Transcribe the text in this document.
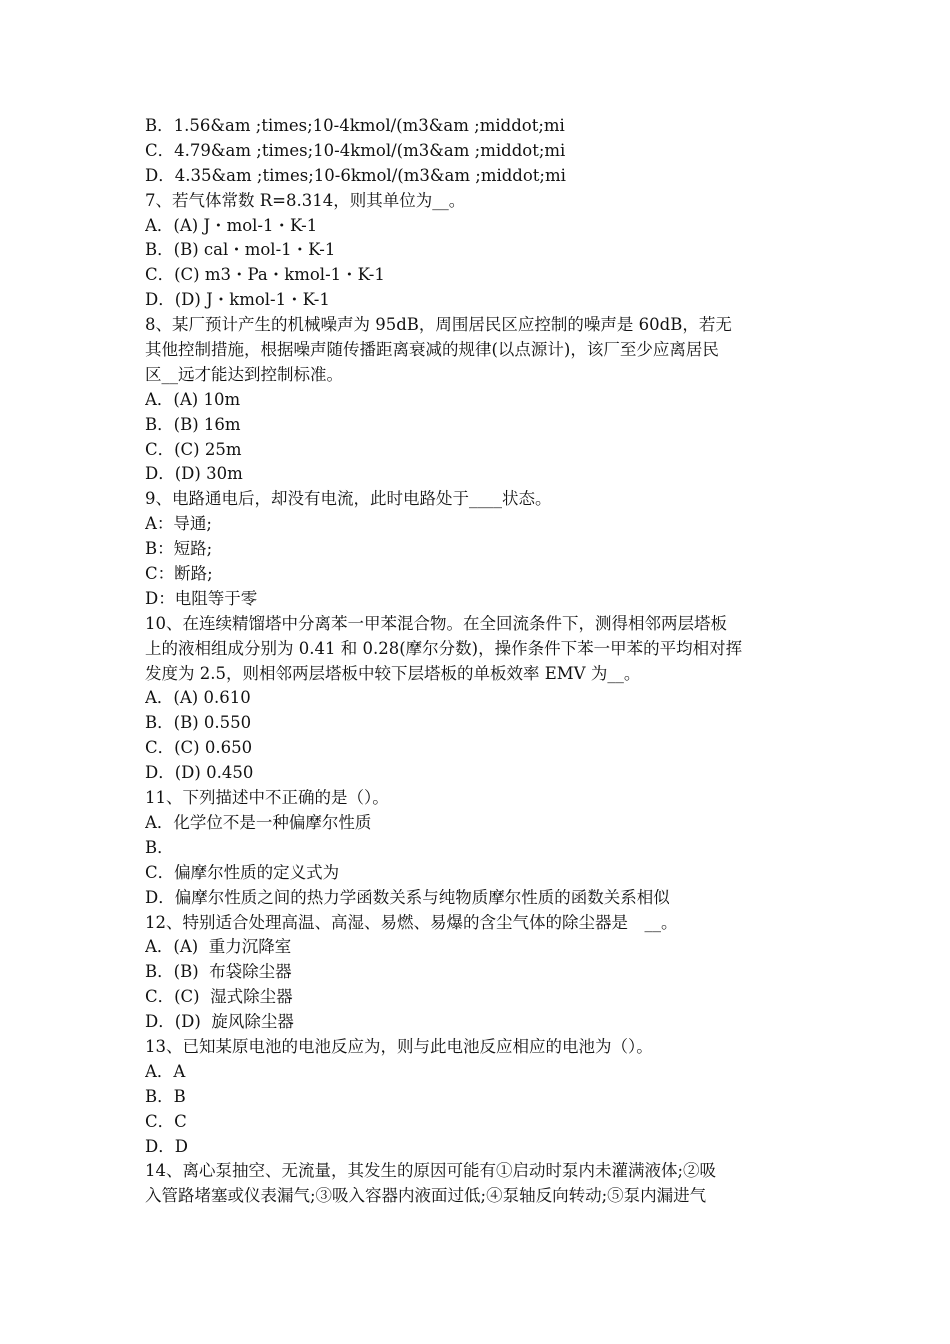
B．1.56&am ;times;10-4kmol/(m3&am ;middot;mi
C．4.79&am ;times;10-4kmol/(m3&am ;middot;mi
D．4.35&am ;times;10-6kmol/(m3&am ;middot;mi
7、若气体常数 R=8.314，则其单位为__。
A．(A) J・mol-1・K-1
B．(B) cal・mol-1・K-1
C．(C) m3・Pa・kmol-1・K-1
D．(D) J・kmol-1・K-1
8、某厂预计产生的机械噪声为 95dB，周围居民区应控制的噪声是 60dB，若无
其他控制措施，根据噪声随传播距离衰减的规律(以点源计)，该厂至少应离居民
区__远才能达到控制标准。
A．(A) 10m
B．(B) 16m
C．(C) 25m
D．(D) 30m
9、电路通电后，却没有电流，此时电路处于____状态。
A：导通;
B：短路;
C：断路;
D：电阻等于零
10、在连续精馏塔中分离苯一甲苯混合物。在全回流条件下，测得相邻两层塔板
上的液相组成分别为 0.41 和 0.28(摩尔分数)，操作条件下苯一甲苯的平均相对挥
发度为 2.5，则相邻两层塔板中较下层塔板的单板效率 EMV 为__。
A．(A) 0.610
B．(B) 0.550
C．(C) 0.650
D．(D) 0.450
11、下列描述中不正确的是（）。
A．化学位不是一种偏摩尔性质
B．
C．偏摩尔性质的定义式为
D．偏摩尔性质之间的热力学函数关系与纯物质摩尔性质的函数关系相似
12、特别适合处理高温、高湿、易燃、易爆的含尘气体的除尘器是　__。
A．(A)  重力沉降室
B．(B)  布袋除尘器
C．(C)  湿式除尘器
D．(D)  旋风除尘器
13、已知某原电池的电池反应为，则与此电池反应相应的电池为（）。
A．A
B．B
C．C
D．D
14、离心泵抽空、无流量，其发生的原因可能有①启动时泵内未灌满液体;②吸
入管路堵塞或仪表漏气;③吸入容器内液面过低;④泵轴反向转动;⑤泵内漏进气
